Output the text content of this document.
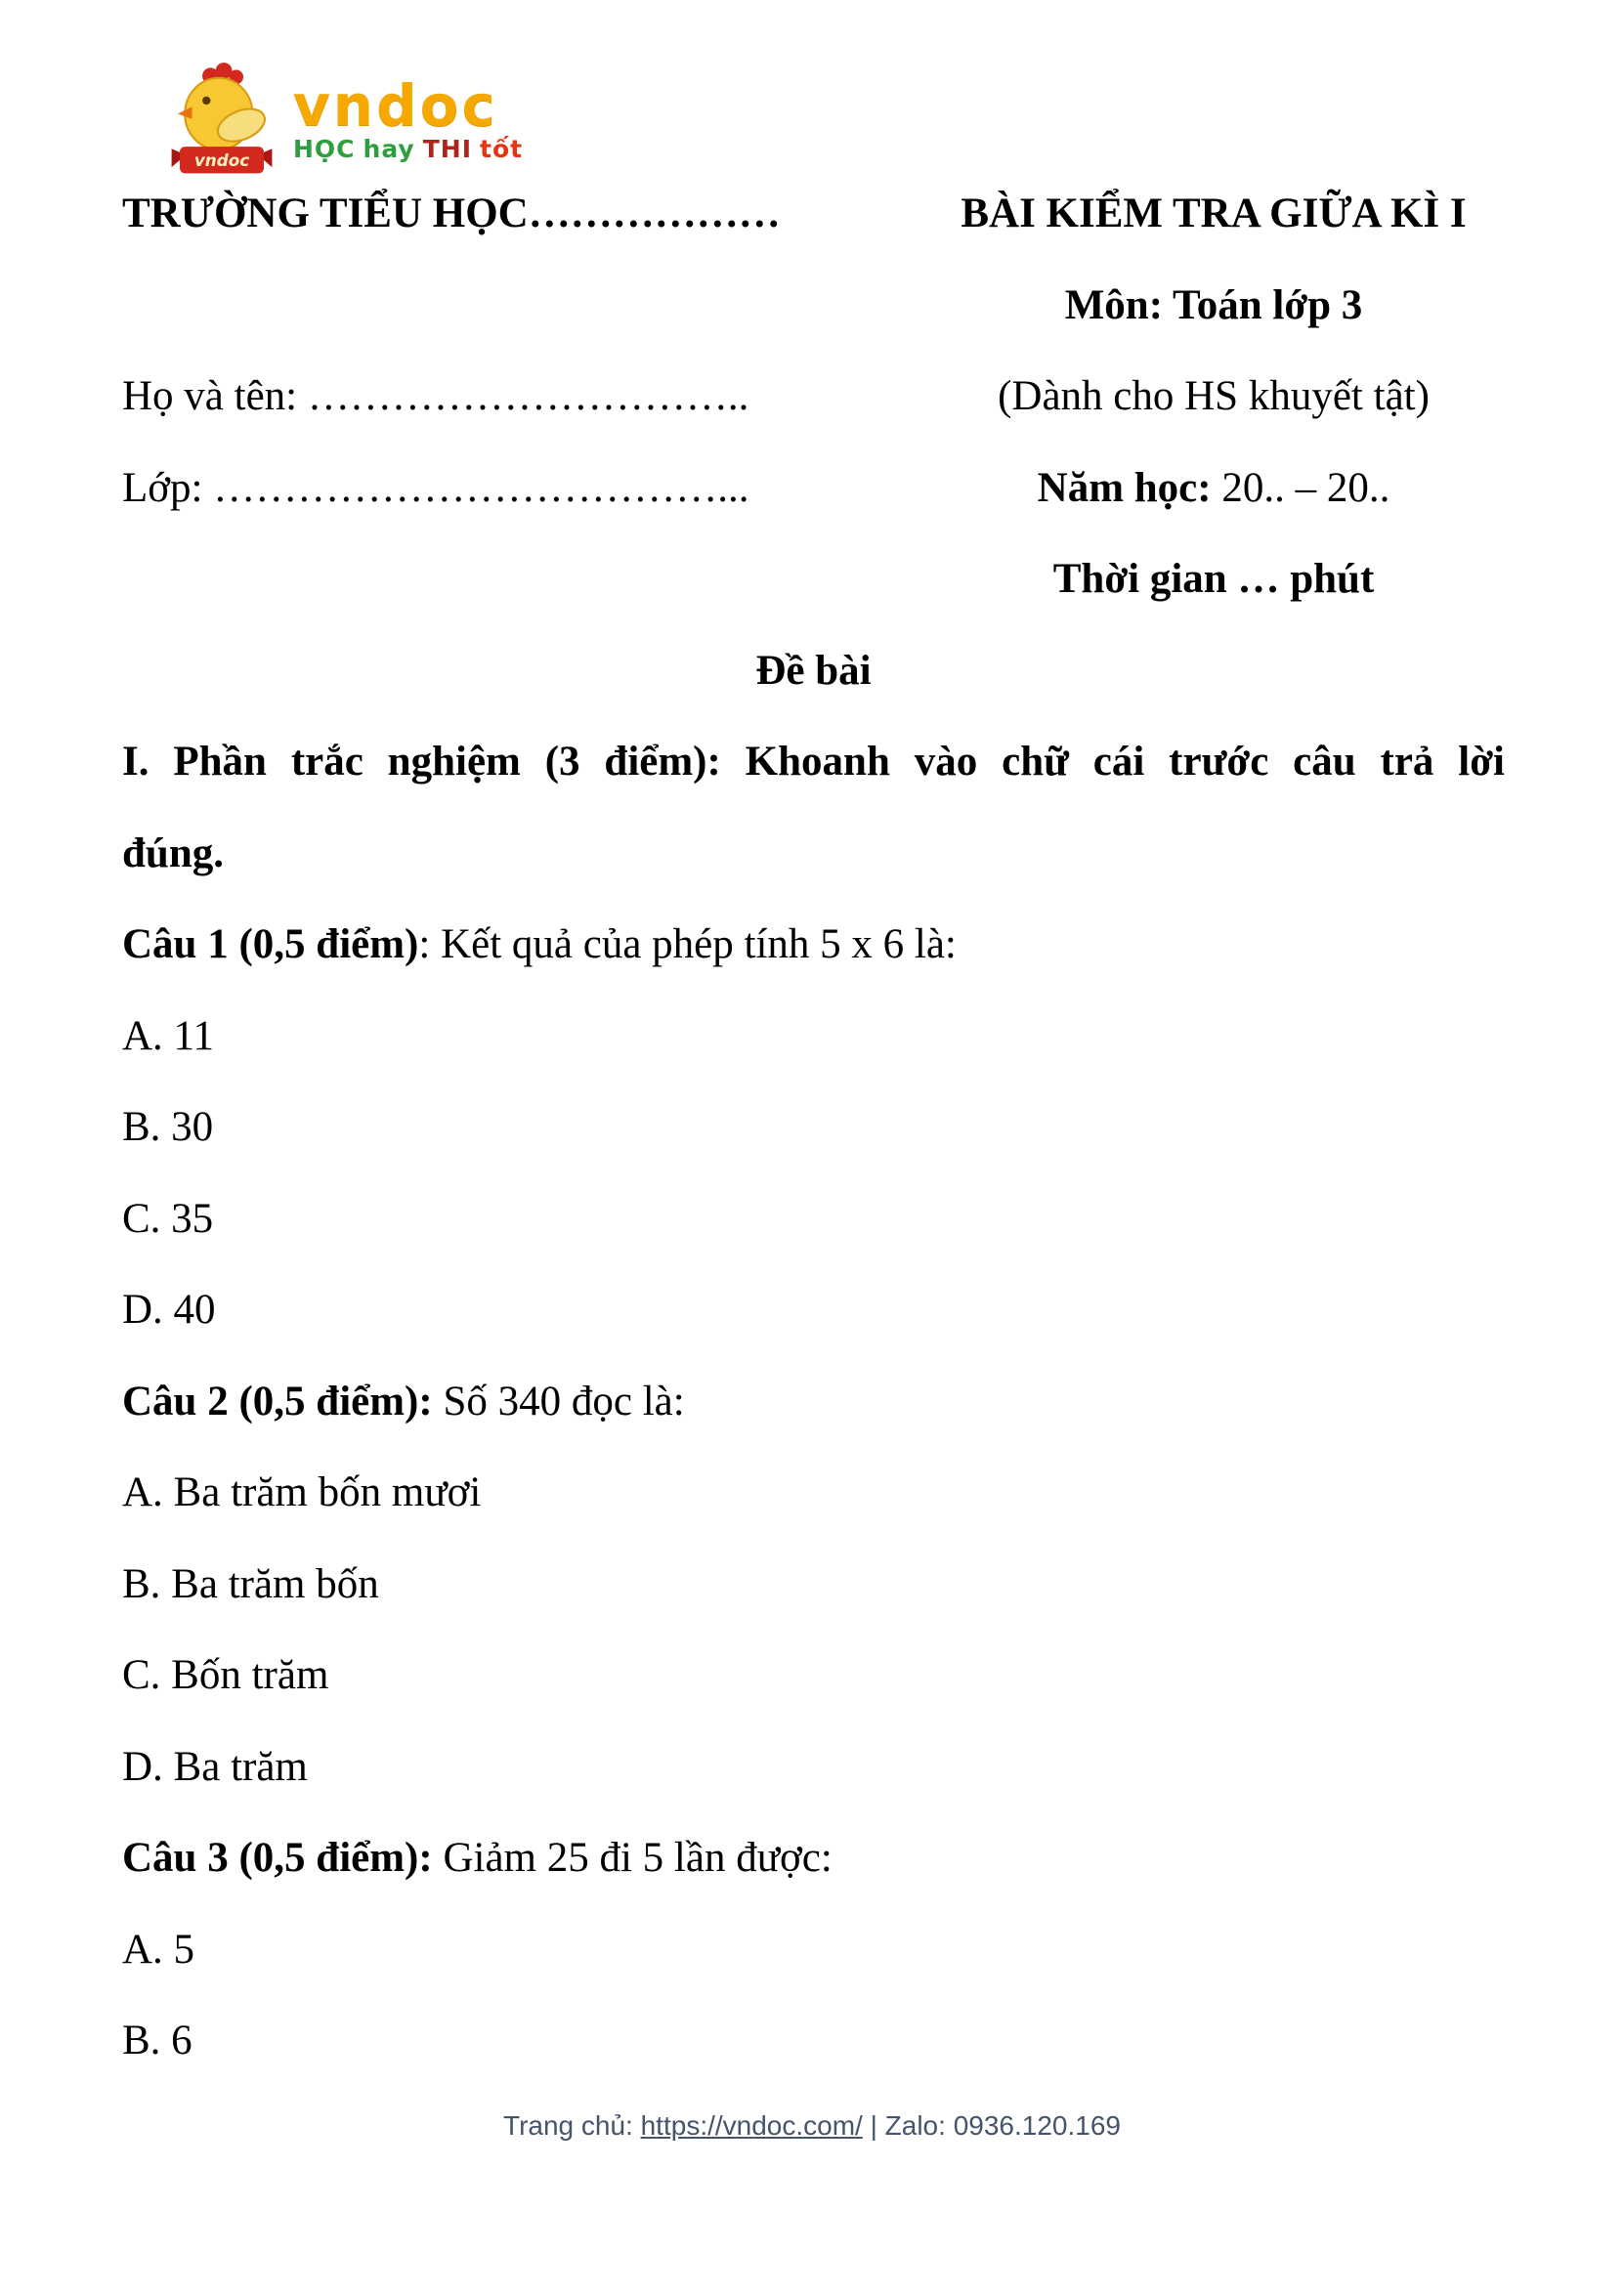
vndoc
vndoc
HỌC hay THI tốt
TRƯỜNG TIỂU HỌC………………	BÀI KIỂM TRA GIỮA KÌ I
Môn: Toán lớp 3
Họ và tên: …………………………..	(Dành cho HS khuyết tật)
Lớp: ………………………………...	Năm học: 20.. – 20..
Thời gian … phút
Đề bài
I. Phần trắc nghiệm (3 điểm): Khoanh vào chữ cái trước câu trả lời
đúng.
Câu 1 (0,5 điểm): Kết quả của phép tính 5 x 6 là:
A. 11
B. 30
C. 35
D. 40
Câu 2 (0,5 điểm): Số 340 đọc là:
A. Ba trăm bốn mươi
B. Ba trăm bốn
C. Bốn trăm
D. Ba trăm
Câu 3 (0,5 điểm): Giảm 25 đi 5 lần được:
A. 5
B. 6
Trang chủ: https://vndoc.com/ | Zalo: 0936.120.169
